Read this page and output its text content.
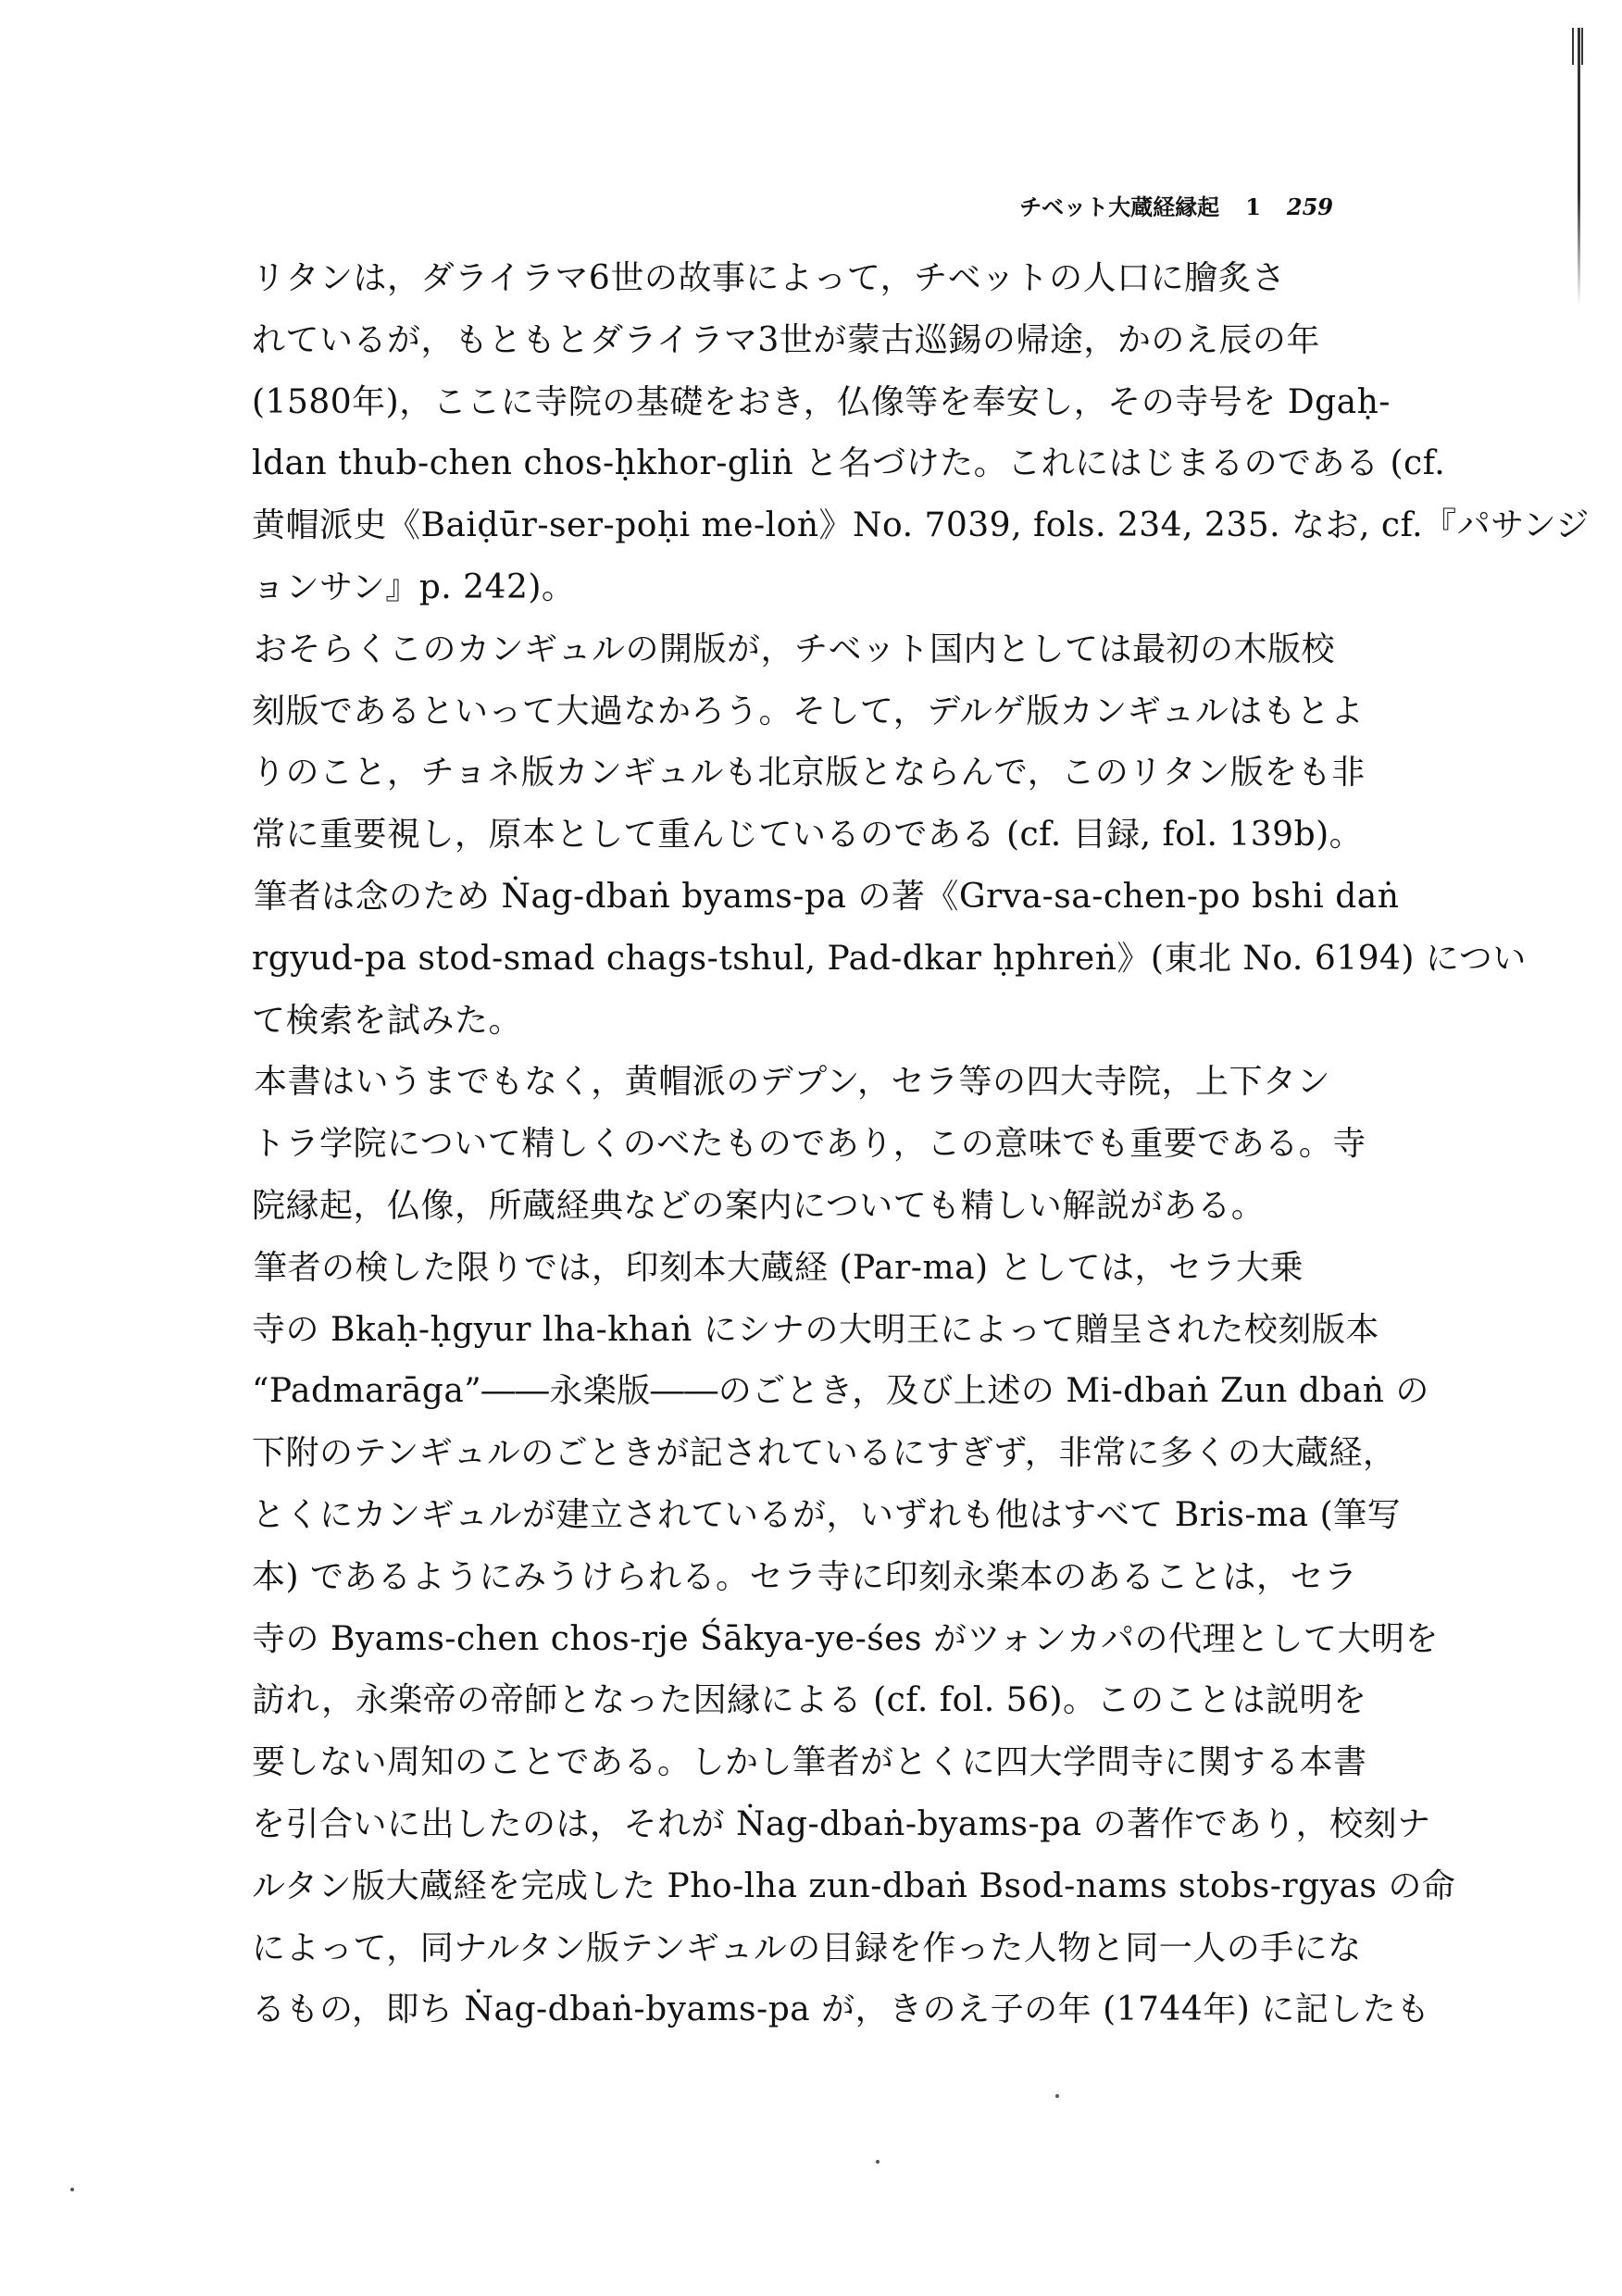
チベット大蔵経縁起 1 259
リタンは，ダライラマ6世の故事によって，チベットの人口に膾炙さ
れているが，もともとダライラマ3世が蒙古巡錫の帰途，かのえ辰の年
(1580年)，ここに寺院の基礎をおき，仏像等を奉安し，その寺号を Dgaḥ-
ldan thub-chen chos-ḥkhor-gliṅ と名づけた。これにはじまるのである (cf.
黄帽派史《Baiḍūr-ser-poḥi me-loṅ》No. 7039, fols. 234, 235. なお, cf.『パサンジ
ョンサン』p. 242)。
おそらくこのカンギュルの開版が，チベット国内としては最初の木版校
刻版であるといって大過なかろう。そして，デルゲ版カンギュルはもとよ
りのこと，チョネ版カンギュルも北京版とならんで，このリタン版をも非
常に重要視し，原本として重んじているのである (cf. 目録, fol. 139b)。
筆者は念のため Ṅag-dbaṅ byams-pa の著《Grva-sa-chen-po bshi daṅ
rgyud-pa stod-smad chags-tshul, Pad-dkar ḥphreṅ》(東北 No. 6194) につい
て検索を試みた。
本書はいうまでもなく，黄帽派のデプン，セラ等の四大寺院，上下タン
トラ学院について精しくのべたものであり，この意味でも重要である。寺
院縁起，仏像，所蔵経典などの案内についても精しい解説がある。
筆者の検した限りでは，印刻本大蔵経 (Par-ma) としては，セラ大乗
寺の Bkaḥ-ḥgyur lha-khaṅ にシナの大明王によって贈呈された校刻版本
“Padmarāga”――永楽版――のごとき，及び上述の Mi-dbaṅ Zun dbaṅ の
下附のテンギュルのごときが記されているにすぎず，非常に多くの大蔵経，
とくにカンギュルが建立されているが，いずれも他はすべて Bris-ma (筆写
本) であるようにみうけられる。セラ寺に印刻永楽本のあることは，セラ
寺の Byams-chen chos-rje Śākya-ye-śes がツォンカパの代理として大明を
訪れ，永楽帝の帝師となった因縁による (cf. fol. 56)。このことは説明を
要しない周知のことである。しかし筆者がとくに四大学問寺に関する本書
を引合いに出したのは，それが Ṅag-dbaṅ-byams-pa の著作であり，校刻ナ
ルタン版大蔵経を完成した Pho-lha zun-dbaṅ Bsod-nams stobs-rgyas の命
によって，同ナルタン版テンギュルの目録を作った人物と同一人の手にな
るもの，即ち Ṅag-dbaṅ-byams-pa が，きのえ子の年 (1744年) に記したも
